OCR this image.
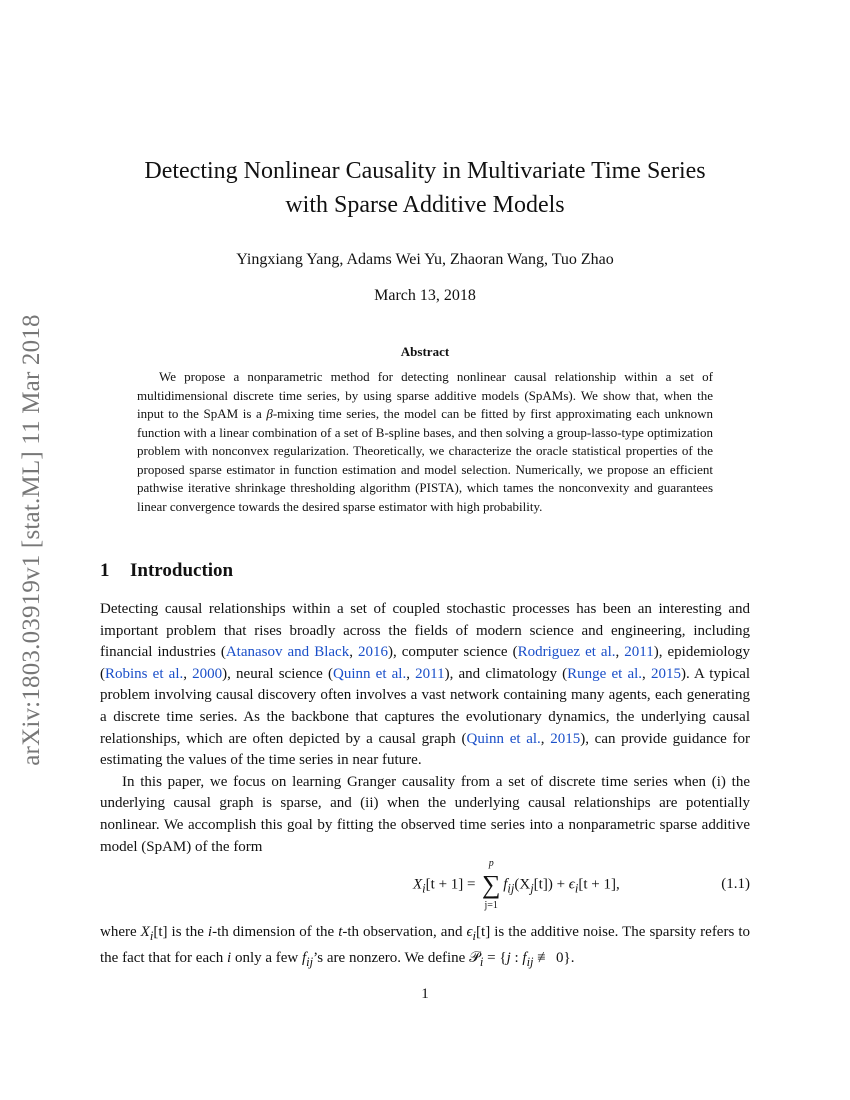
arXiv:1803.03919v1 [stat.ML] 11 Mar 2018
Detecting Nonlinear Causality in Multivariate Time Series
with Sparse Additive Models
Yingxiang Yang, Adams Wei Yu, Zhaoran Wang, Tuo Zhao
March 13, 2018
Abstract

We propose a nonparametric method for detecting nonlinear causal relationship within a set of multidimensional discrete time series, by using sparse additive models (SpAMs). We show that, when the input to the SpAM is a β-mixing time series, the model can be fitted by first approximating each unknown function with a linear combination of a set of B-spline bases, and then solving a group-lasso-type optimization problem with nonconvex regularization. Theoretically, we characterize the oracle statistical properties of the proposed sparse estimator in function estimation and model selection. Numerically, we propose an efficient pathwise iterative shrinkage thresholding algorithm (PISTA), which tames the nonconvexity and guarantees linear convergence towards the desired sparse estimator with high probability.

1 Introduction

Detecting causal relationships within a set of coupled stochastic processes has been an interesting and important problem that rises broadly across the fields of modern science and engineering, including financial industries (Atanasov and Black, 2016), computer science (Rodriguez et al., 2011), epidemiology (Robins et al., 2000), neural science (Quinn et al., 2011), and climatology (Runge et al., 2015). A typical problem involving causal discovery often involves a vast network containing many agents, each generating a discrete time series. As the backbone that captures the evolutionary dynamics, the underlying causal relationships, which are often depicted by a causal graph (Quinn et al., 2015), can provide guidance for estimating the values of the time series in near future.

In this paper, we focus on learning Granger causality from a set of discrete time series when (i) the underlying causal graph is sparse, and (ii) when the underlying causal relationships are potentially nonlinear. We accomplish this goal by fitting the observed time series into a nonparametric sparse additive model (SpAM) of the form

$X_i[t + 1]$ =
p
∑
j=1
$f_{ij}(X_j[t]) + \epsilon_i[t + 1]$,	(1.1)

where $X_i[t]$ is the i-th dimension of the t-th observation, and $\epsilon_i[t]$ is the additive noise. The sparsity refers to the fact that for each i only a few $f_{ij}’s$ are nonzero. We define 𝒫$_i$ = {j : $f_{ij}$ ≢ 0}.

1
